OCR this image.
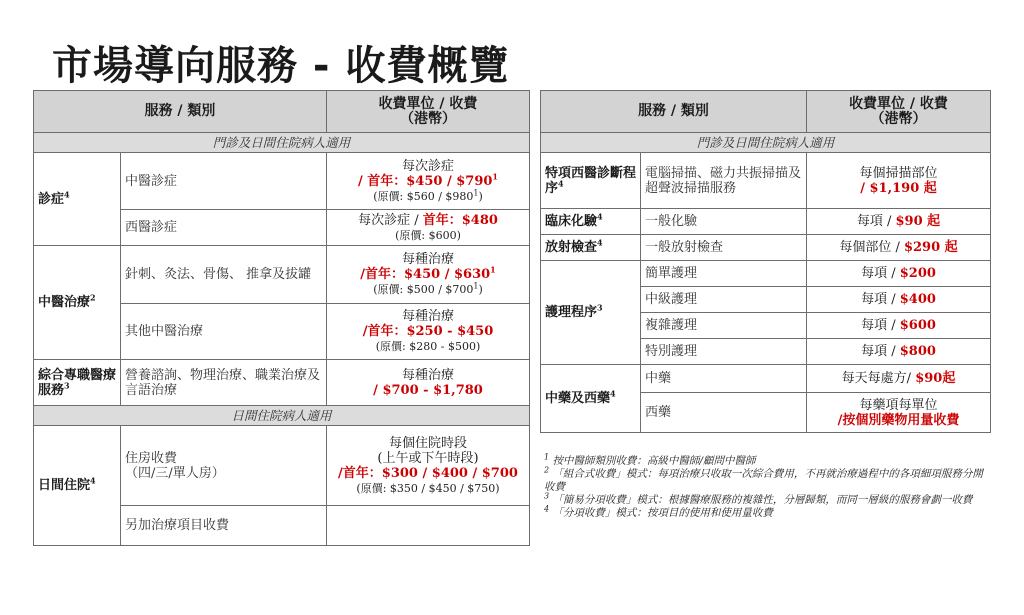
市場導向服務 - 收費概覽
服務 / 類別		收費單位 / 收費
（港幣）
門診及日間住院病人適用		
診症$^4$	中醫診症	每次診症
/ 首年：$450 / $\$790^1$
(原價: $560 / $\$980^1$)
	西醫診症	每次診症 / 首年：$480
(原價: $600)
中醫治療$^2$	針刺、灸法、骨傷、 推拿及拔罐	每種治療
/首年：$450 / $\$630^1$
(原價: $500 / $\$700^1$)
	其他中醫治療	每種治療
/首年：$250 - $450
(原價: $280 - $500)
綜合專職醫療服務$^3$	營養諮詢、物理治療、職業治療及言語治療	每種治療
/ $700 - $1,780
日間住院病人適用		
日間住院$^4$	住房收費
（四/三/單人房）	每個住院時段
(上午或下午時段)
/首年：$300 / $400 / $700
(原價: $350 / $450 / $750)
	另加治療項目收費	
服務 / 類別		收費單位 / 收費
（港幣）
門診及日間住院病人適用		
特項西醫診斷程序$^4$	電腦掃描、磁力共振掃描及超聲波掃描服務	每個掃描部位
/ $1,190 起
臨床化驗$^4$	一般化驗	每項 / $90 起
放射檢查$^4$	一般放射檢查	每個部位 / $290 起
護理程序$^3$	簡單護理	每項 / $200
	中級護理	每項 / $400
	複雜護理	每項 / $600
	特別護理	每項 / $800
中藥及西藥$^4$	中藥	每天每處方/ $90起
	西藥	每藥項每單位
/按個別藥物用量收費
$^1$ 按中醫師類別收費：高級中醫師/顧問中醫師
$^2$ 「組合式收費」模式：每項治療只收取一次綜合費用，不再就治療過程中的各項細項服務分開收費
$^3$ 「簡易分項收費」模式：根據醫療服務的複雜性，分層歸類，而同一層級的服務會劃一收費
$^4$ 「分項收費」模式：按項目的使用和使用量收費
